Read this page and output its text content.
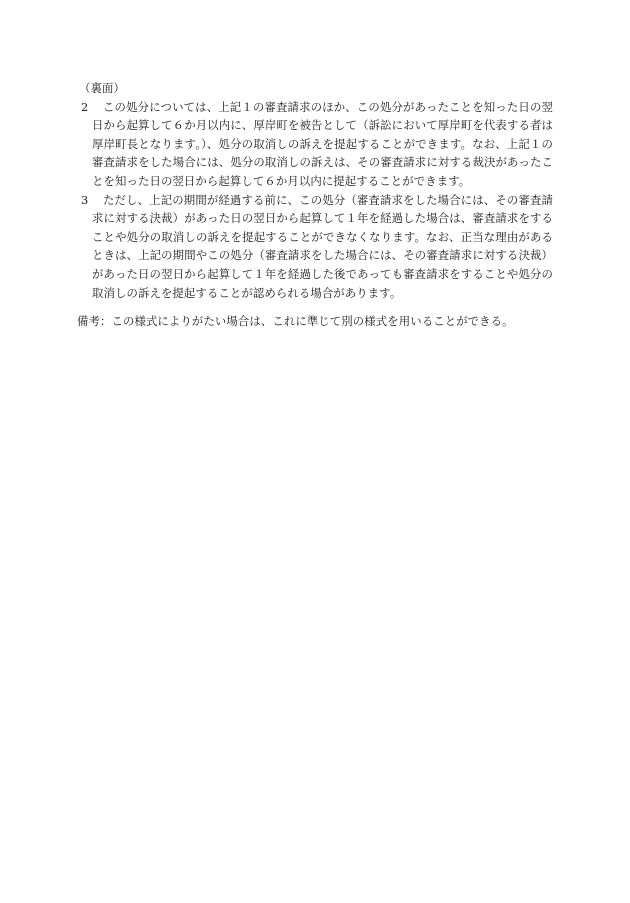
（裏面）
2	この処分については、上記１の審査請求のほか、この処分があったことを知った日の翌日から起算して６か月以内に、厚岸町を被告として（訴訟において厚岸町を代表する者は厚岸町長となります。）、処分の取消しの訴えを提起することができます。なお、上記１の審査請求をした場合には、処分の取消しの訴えは、その審査請求に対する裁決があったことを知った日の翌日から起算して６か月以内に提起することができます。
3	ただし、上記の期間が経過する前に、この処分（審査請求をした場合には、その審査請求に対する決裁）があった日の翌日から起算して１年を経過した場合は、審査請求をすることや処分の取消しの訴えを提起することができなくなります。なお、正当な理由があるときは、上記の期間やこの処分（審査請求をした場合には、その審査請求に対する決裁）があった日の翌日から起算して１年を経過した後であっても審査請求をすることや処分の取消しの訴えを提起することが認められる場合があります。
備考：この様式によりがたい場合は、これに準じて別の様式を用いることができる。
